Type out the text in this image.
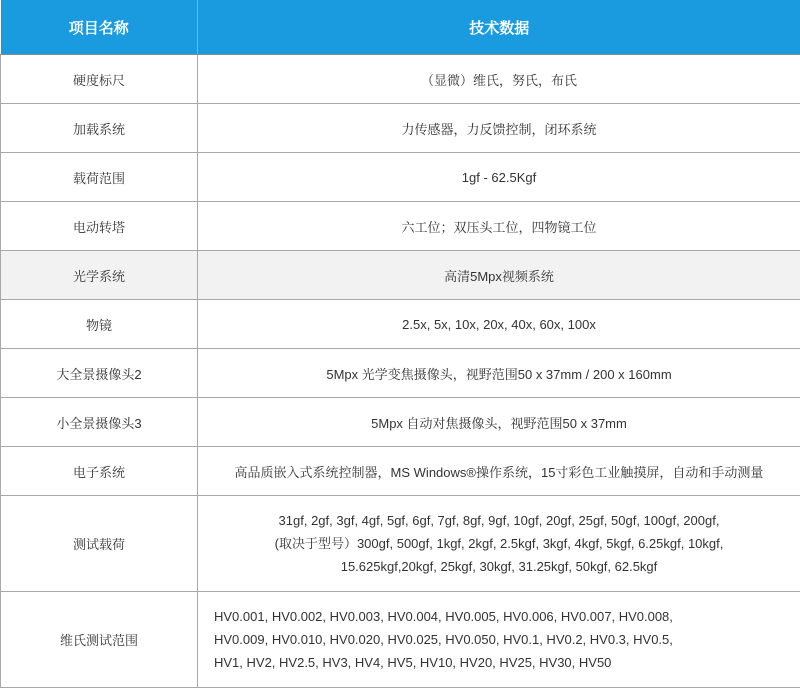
项目名称	技术数据
硬度标尺	（显微）维氏，努氏，布氏
加载系统	力传感器，力反馈控制，闭环系统
载荷范围	1gf - 62.5Kgf
电动转塔	六工位；双压头工位，四物镜工位
光学系统	高清5Mpx视频系统
物镜	2.5x, 5x, 10x, 20x, 40x, 60x, 100x
大全景摄像头2	5Mpx 光学变焦摄像头，视野范围50 x 37mm / 200 x 160mm
小全景摄像头3	5Mpx 自动对焦摄像头，视野范围50 x 37mm
电子系统	高品质嵌入式系统控制器，MS Windows®操作系统，15寸彩色工业触摸屏，自动和手动测量
测试载荷	31gf, 2gf, 3gf, 4gf, 5gf, 6gf, 7gf, 8gf, 9gf, 10gf, 20gf, 25gf, 50gf, 100gf, 200gf,
(取决于型号）300gf, 500gf, 1kgf, 2kgf, 2.5kgf, 3kgf, 4kgf, 5kgf, 6.25kgf, 10kgf,
15.625kgf,20kgf, 25kgf, 30kgf, 31.25kgf, 50kgf, 62.5kgf

维氏测试范围	HV0.001, HV0.002, HV0.003, HV0.004, HV0.005, HV0.006, HV0.007, HV0.008,
HV0.009, HV0.010, HV0.020, HV0.025, HV0.050, HV0.1, HV0.2, HV0.3, HV0.5,
HV1, HV2, HV2.5, HV3, HV4, HV5, HV10, HV20, HV25, HV30, HV50
